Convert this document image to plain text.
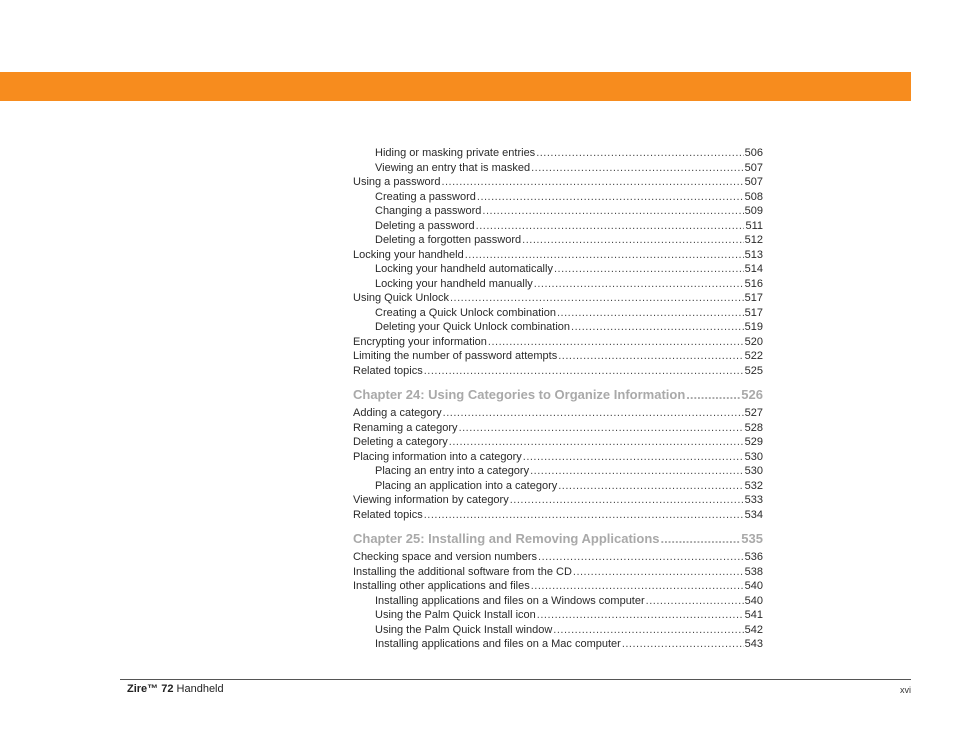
Hiding or masking private entries .....	506
Viewing an entry that is masked .....	507
Using a password .....	507
Creating a password .....	508
Changing a password .....	509
Deleting a password .....	511
Deleting a forgotten password .....	512
Locking your handheld .....	513
Locking your handheld automatically .....	514
Locking your handheld manually .....	516
Using Quick Unlock .....	517
Creating a Quick Unlock combination .....	517
Deleting your Quick Unlock combination .....	519
Encrypting your information .....	520
Limiting the number of password attempts .....	522
Related topics .....	525
Chapter 24: Using Categories to Organize Information .....	526
Adding a category .....	527
Renaming a category .....	528
Deleting a category .....	529
Placing information into a category .....	530
Placing an entry into a category .....	530
Placing an application into a category .....	532
Viewing information by category .....	533
Related topics .....	534
Chapter 25: Installing and Removing Applications .....	535
Checking space and version numbers .....	536
Installing the additional software from the CD .....	538
Installing other applications and files .....	540
Installing applications and files on a Windows computer .....	540
Using the Palm Quick Install icon .....	541
Using the Palm Quick Install window .....	542
Installing applications and files on a Mac computer .....	543
Zire™ 72 Handheld	xvi
